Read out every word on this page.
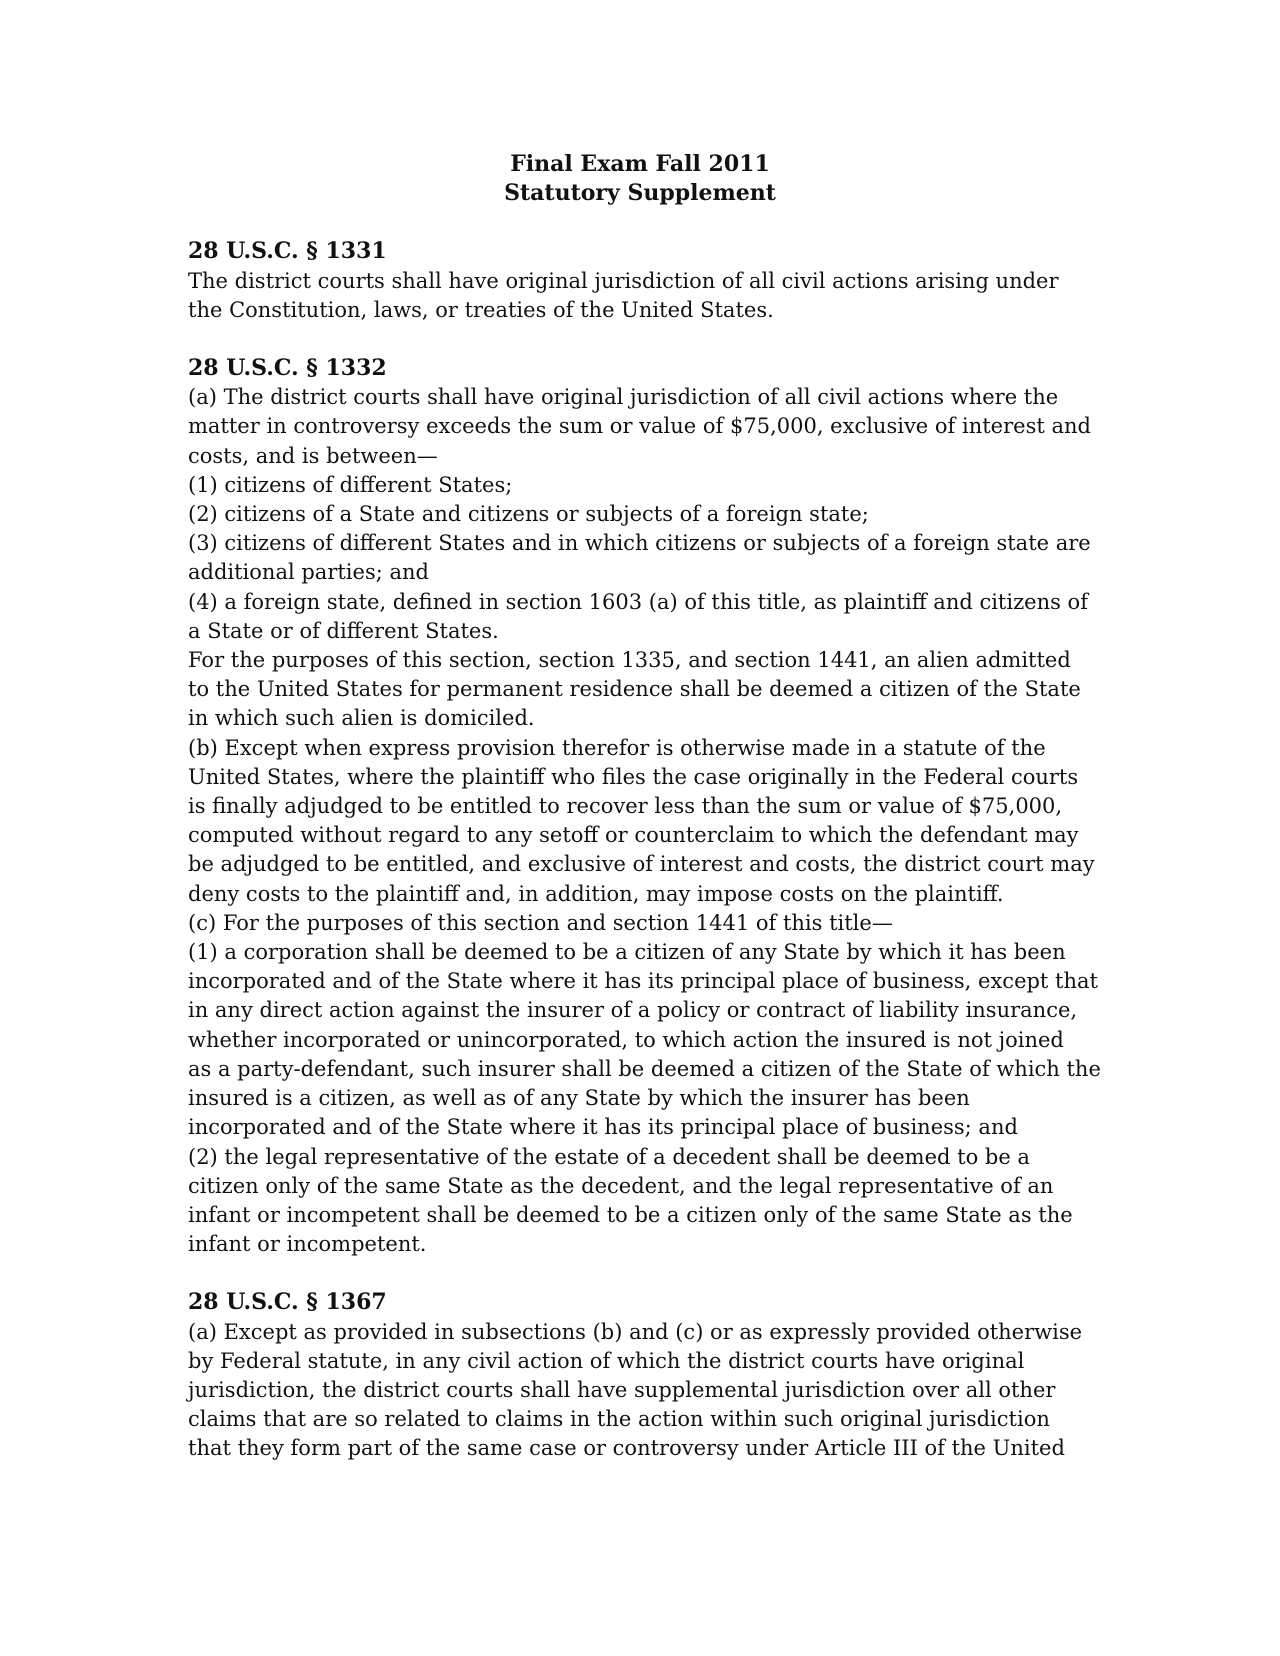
Final Exam Fall 2011
Statutory Supplement
28 U.S.C. § 1331
The district courts shall have original jurisdiction of all civil actions arising under
the Constitution, laws, or treaties of the United States.
28 U.S.C. § 1332
(a) The district courts shall have original jurisdiction of all civil actions where the
matter in controversy exceeds the sum or value of $75,000, exclusive of interest and
costs, and is between—
(1) citizens of different States;
(2) citizens of a State and citizens or subjects of a foreign state;
(3) citizens of different States and in which citizens or subjects of a foreign state are
additional parties; and
(4) a foreign state, defined in section 1603 (a) of this title, as plaintiff and citizens of
a State or of different States.
For the purposes of this section, section 1335, and section 1441, an alien admitted
to the United States for permanent residence shall be deemed a citizen of the State
in which such alien is domiciled.
(b) Except when express provision therefor is otherwise made in a statute of the
United States, where the plaintiff who files the case originally in the Federal courts
is finally adjudged to be entitled to recover less than the sum or value of $75,000,
computed without regard to any setoff or counterclaim to which the defendant may
be adjudged to be entitled, and exclusive of interest and costs, the district court may
deny costs to the plaintiff and, in addition, may impose costs on the plaintiff.
(c) For the purposes of this section and section 1441 of this title—
(1) a corporation shall be deemed to be a citizen of any State by which it has been
incorporated and of the State where it has its principal place of business, except that
in any direct action against the insurer of a policy or contract of liability insurance,
whether incorporated or unincorporated, to which action the insured is not joined
as a party-defendant, such insurer shall be deemed a citizen of the State of which the
insured is a citizen, as well as of any State by which the insurer has been
incorporated and of the State where it has its principal place of business; and
(2) the legal representative of the estate of a decedent shall be deemed to be a
citizen only of the same State as the decedent, and the legal representative of an
infant or incompetent shall be deemed to be a citizen only of the same State as the
infant or incompetent.
28 U.S.C. § 1367
(a) Except as provided in subsections (b) and (c) or as expressly provided otherwise
by Federal statute, in any civil action of which the district courts have original
jurisdiction, the district courts shall have supplemental jurisdiction over all other
claims that are so related to claims in the action within such original jurisdiction
that they form part of the same case or controversy under Article III of the United
